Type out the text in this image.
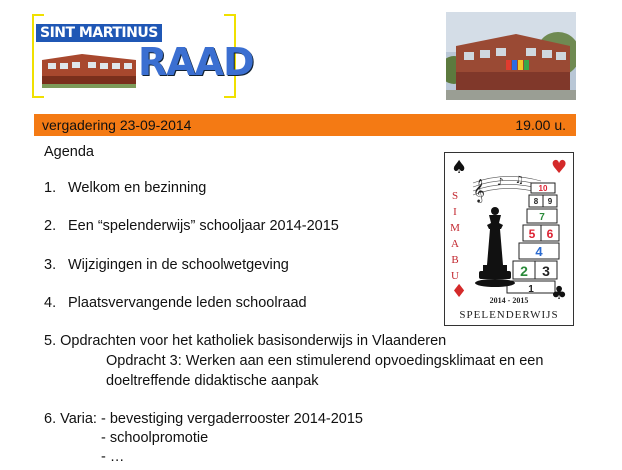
SINT MARTINUS
RAAD
vergadering 23-09-2014	19.00 u.
Agenda
1. Welkom en bezinning
2. Een “spelenderwijs” schooljaar 2014-2015
3. Wijzigingen in de schoolwetgeving
4. Plaatsvervangende leden schoolraad
5. Opdrachten voor het katholiek basisonderwijs in Vlaanderen
Opdracht 3: Werken aan een stimulerend opvoedingsklimaat en een
doeltreffende didaktische aanpak
6. Varia: - bevestiging vergaderrooster 2014-2015
- schoolpromotie
- …
S
I
M
A
B
U
𝄞 ♪ ♫
10
8 9
7
5 6
4
2 3
1
♠	♥
♦	♣
2014 - 2015
SPELENDERWIJS
